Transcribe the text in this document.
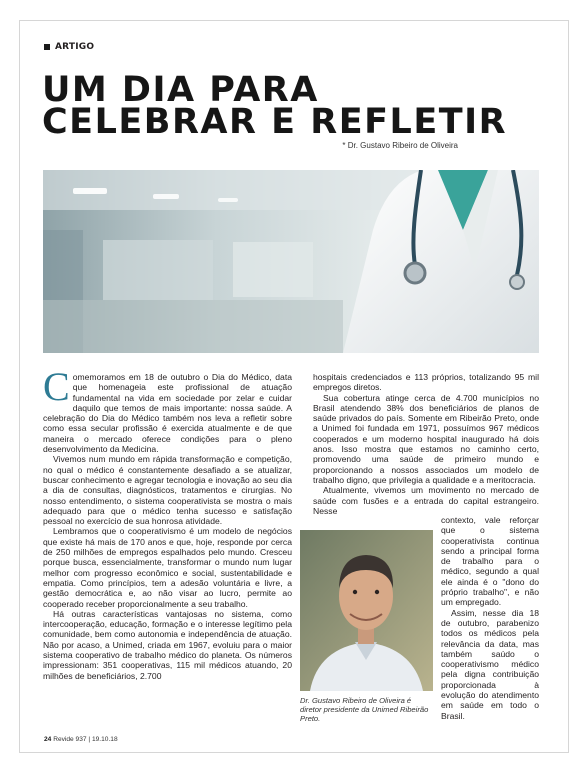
ARTIGO
UM DIA PARA
CELEBRAR E REFLETIR
* Dr. Gustavo Ribeiro de Oliveira

Comemoramos em 18 de outubro o Dia do Médico, data que homenageia este profissional de atuação fundamental na vida em sociedade por zelar e cuidar daquilo que temos de mais importante: nossa saúde. A celebração do Dia do Médico também nos leva a refletir sobre como essa secular profissão é exercida atualmente e de que maneira o mercado oferece condições para o pleno desenvolvimento da Medicina.

Vivemos num mundo em rápida transformação e competição, no qual o médico é constantemente desafiado a se atualizar, buscar conhecimento e agregar tecnologia e inovação ao seu dia a dia de consultas, diagnósticos, tratamentos e cirurgias. No nosso entendimento, o sistema cooperativista se mostra o mais adequado para que o médico tenha sucesso e satisfação pessoal no exercício de sua honrosa atividade.

Lembramos que o cooperativismo é um modelo de negócios que existe há mais de 170 anos e que, hoje, responde por cerca de 250 milhões de empregos espalhados pelo mundo. Cresceu porque busca, essencialmente, transformar o mundo num lugar melhor com progresso econômico e social, sustentabilidade e empatia. Como princípios, tem a adesão voluntária e livre, a gestão democrática e, ao não visar ao lucro, permite ao cooperado receber proporcionalmente a seu trabalho.

Há outras características vantajosas no sistema, como intercooperação, educação, formação e o interesse legítimo pela comunidade, bem como autonomia e independência de atuação. Não por acaso, a Unimed, criada em 1967, evoluiu para o maior sistema cooperativo de trabalho médico do planeta. Os números impressionam: 351 cooperativas, 115 mil médicos atuando, 20 milhões de beneficiários, 2.700

hospitais credenciados e 113 próprios, totalizando 95 mil empregos diretos.

Sua cobertura atinge cerca de 4.700 municípios no Brasil atendendo 38% dos beneficiários de planos de saúde privados do país. Somente em Ribeirão Preto, onde a Unimed foi fundada em 1971, possuímos 967 médicos cooperados e um moderno hospital inaugurado há dois anos. Isso mostra que estamos no caminho certo, promovendo uma saúde de primeiro mundo e proporcionando a nossos associados um modelo de trabalho digno, que privilegia a qualidade e a meritocracia.

Atualmente, vivemos um movimento no mercado de saúde com fusões e a entrada do capital estrangeiro. Nesse

contexto, vale reforçar que o sistema cooperativista continua sendo a principal forma de trabalho para o médico, segundo a qual ele ainda é o "dono do próprio trabalho", e não um empregado.

Assim, nesse dia 18 de outubro, parabenizo todos os médicos pela relevância da data, mas também saúdo o cooperativismo médico pela digna contribuição proporcionada à evolução do atendimento em saúde em todo o Brasil.

Dr. Gustavo Ribeiro de Oliveira é diretor presidente da Unimed Ribeirão Preto.
24 Revide 937 | 19.10.18
